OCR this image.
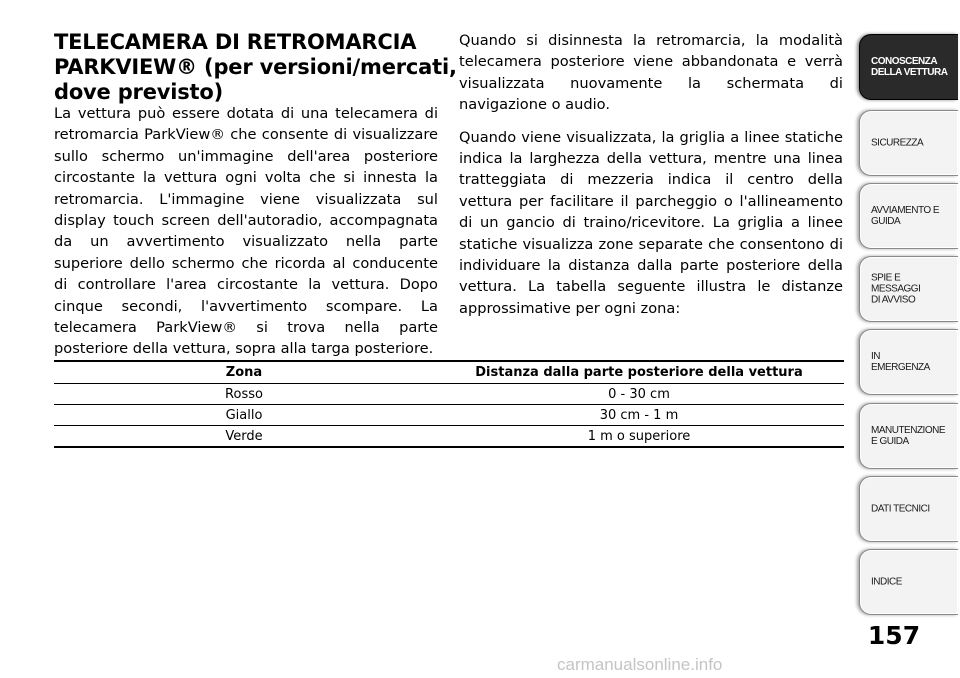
TELECAMERA DI RETROMARCIA
PARKVIEW® (per versioni/mercati,
dove previsto)

La vettura può essere dotata di una telecamera di retromarcia ParkView® che consente di visualizzare sullo schermo un'immagine dell'area posteriore circostante la vettura ogni volta che si innesta la retromarcia. L'immagine viene visualizzata sul display touch screen dell'autoradio, accompagnata da un avvertimento visualizzato nella parte superiore dello schermo che ricorda al conducente di controllare l'area circostante la vettura. Dopo cinque secondi, l'avvertimento scompare. La telecamera ParkView® si trova nella parte posteriore della vettura, sopra alla targa posteriore.

Quando si disinnesta la retromarcia, la modalità telecamera posteriore viene abbandonata e verrà visualizzata nuovamente la schermata di navigazione o audio.

Quando viene visualizzata, la griglia a linee statiche indica la larghezza della vettura, mentre una linea tratteggiata di mezzeria indica il centro della vettura per facilitare il parcheggio o l'allineamento di un gancio di traino/ricevitore. La griglia a linee statiche visualizza zone separate che consentono di individuare la distanza dalla parte posteriore della vettura. La tabella seguente illustra le distanze approssimative per ogni zona:

Zona	Distanza dalla parte posteriore della vettura
Rosso	0 - 30 cm
Giallo	30 cm - 1 m
Verde	1 m o superiore
CONOSCENZA
DELLA VETTURA
SICUREZZA
AVVIAMENTO E
GUIDA
SPIE E
MESSAGGI
DI AVVISO
IN
EMERGENZA
MANUTENZIONE
E GUIDA
DATI TECNICI
INDICE
157
carmanualsonline.info
